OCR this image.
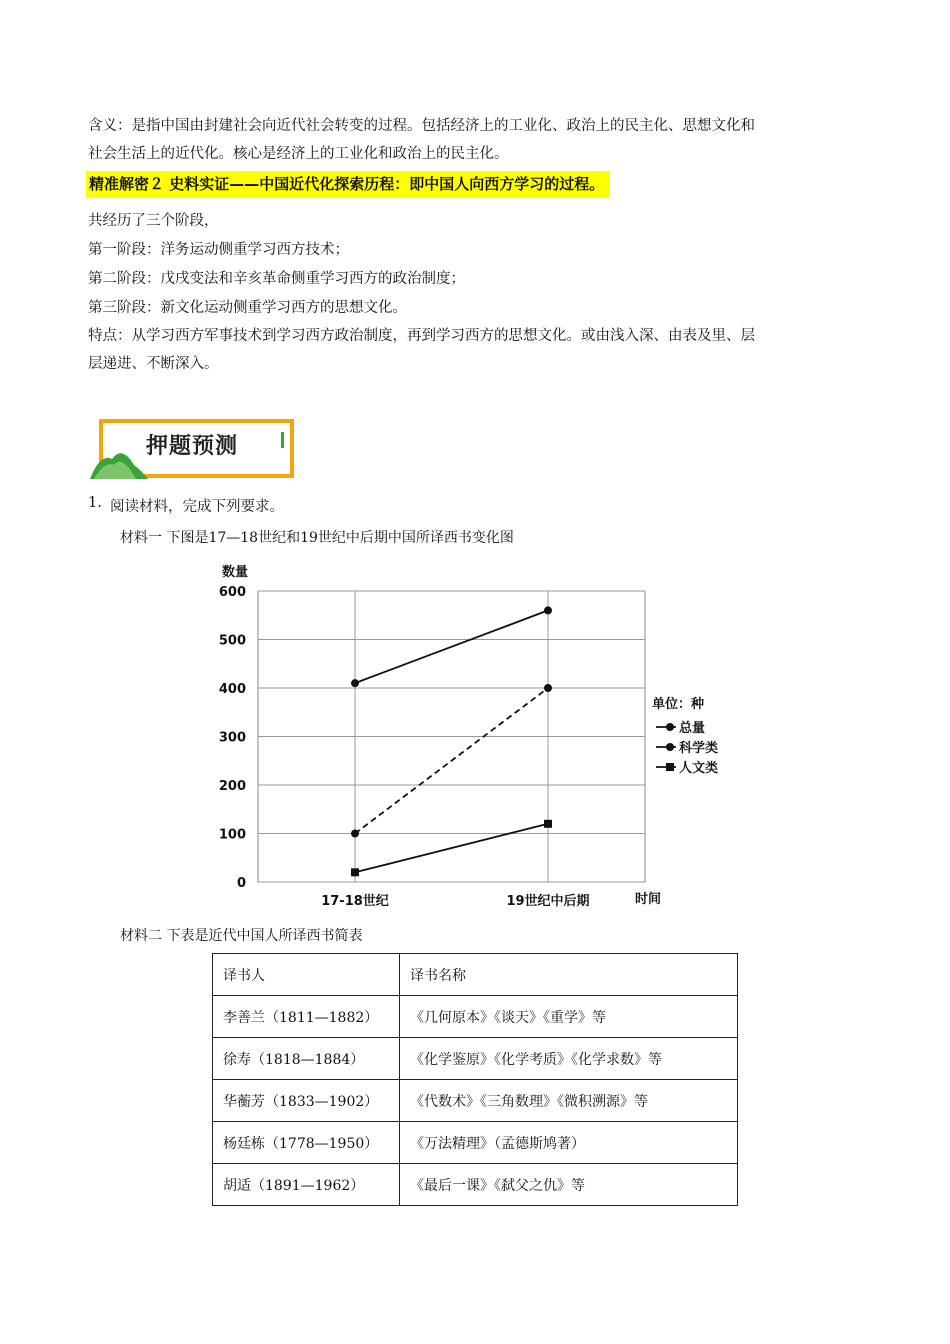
含义：是指中国由封建社会向近代社会转变的过程。包括经济上的工业化、政治上的民主化、思想文化和
社会生活上的近代化。核心是经济上的工业化和政治上的民主化。
精准解密２ 史料实证——中国近代化探索历程：即中国人向西方学习的过程。
共经历了三个阶段，
第一阶段：洋务运动侧重学习西方技术；
第二阶段：戊戌变法和辛亥革命侧重学习西方的政治制度；
第三阶段：新文化运动侧重学习西方的思想文化。
特点：从学习西方军事技术到学习西方政治制度，再到学习西方的思想文化。或由浅入深、由表及里、层
层递进、不断深入。
押题预测
1. 阅读材料，完成下列要求。
材料一 下图是17—18世纪和19世纪中后期中国所译西书变化图
0
100
200
300
400
500
600
17-18世纪	19世纪中后期
数量
时间
单位：种
总量
科学类
人文类
材料二 下表是近代中国人所译西书简表
译书人	译书名称
李善兰（1811—1882）	《几何原本》《谈天》《重学》等
徐寿（1818—1884）	《化学鉴原》《化学考质》《化学求数》等
华蘅芳（1833—1902）	《代数术》《三角数理》《微积溯源》等
杨廷栋（1778—1950）	《万法精理》（孟德斯鸠著）
胡适（1891—1962）	《最后一课》《弑父之仇》等
